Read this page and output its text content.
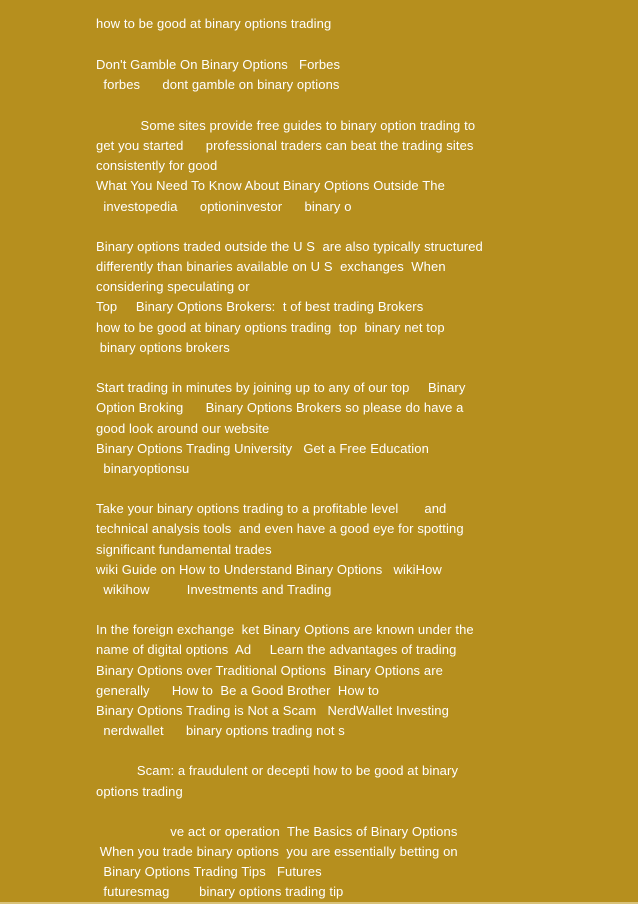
how to be good at binary options trading
Don't Gamble On Binary Options   Forbes
forbes      dont gamble on binary options
Some sites provide free guides to binary option trading to
get you started      professional traders can beat the trading sites
consistently for good
What You Need To Know About Binary Options Outside The
investopedia      optioninvestor      binary o
Binary options traded outside the U S  are also typically structured
differently than binaries available on U S  exchanges  When
considering speculating or
Top     Binary Options Brokers:  t of best trading Brokers
how to be good at binary options trading  top  binary net top
binary options brokers
Start trading in minutes by joining up to any of our top     Binary
Option Broking      Binary Options Brokers so please do have a
good look around our website
Binary Options Trading University   Get a Free Education
binaryoptionsu
Take your binary options trading to a profitable level       and
technical analysis tools  and even have a good eye for spotting
significant fundamental trades
wiki Guide on How to Understand Binary Options   wikiHow
wikihow          Investments and Trading
In the foreign exchange  ket Binary Options are known under the
name of digital options  Ad     Learn the advantages of trading
Binary Options over Traditional Options  Binary Options are
generally      How to  Be a Good Brother  How to
Binary Options Trading is Not a Scam   NerdWallet Investing
nerdwallet      binary options trading not s
Scam: a fraudulent or decepti how to be good at binary
options trading
ve act or operation  The Basics of Binary Options
When you trade binary options  you are essentially betting on
Binary Options Trading Tips   Futures
futuresmag        binary options trading tip
